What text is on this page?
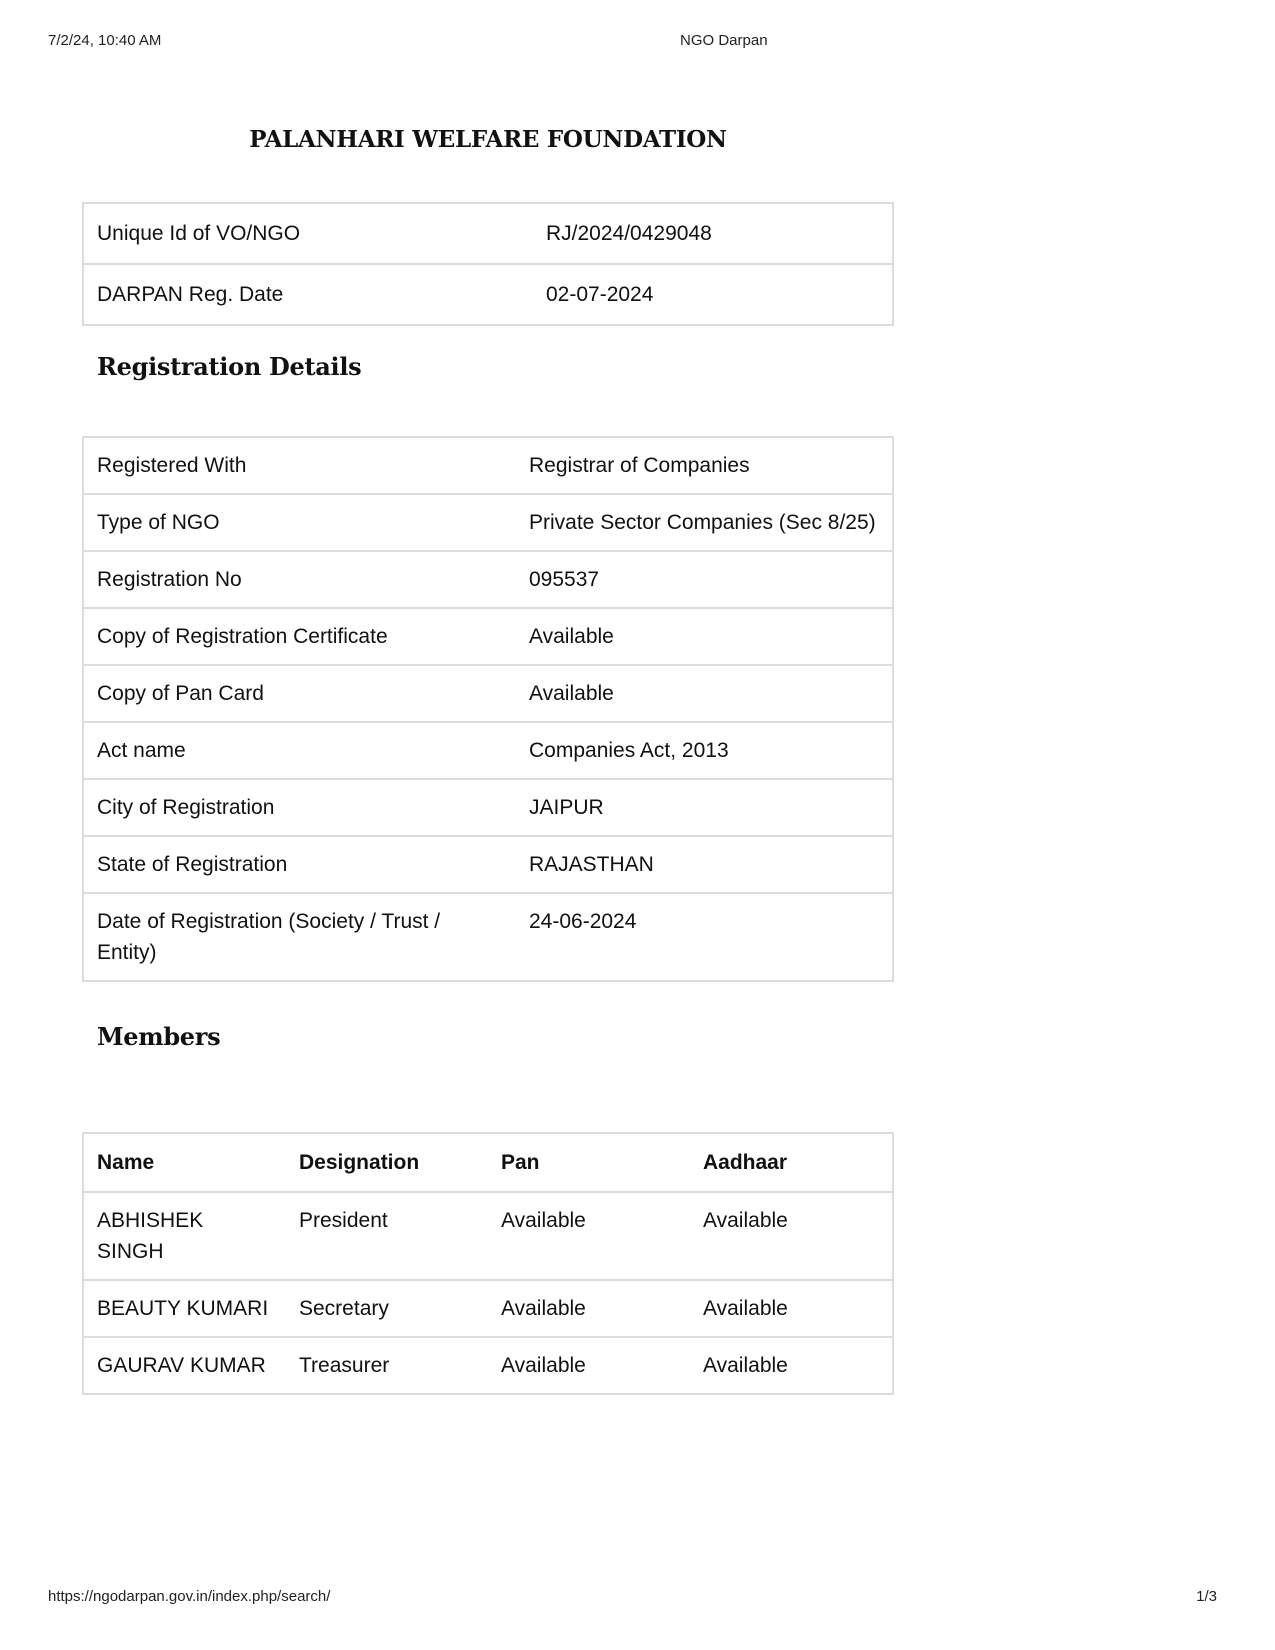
7/2/24, 10:40 AM	NGO Darpan
PALANHARI WELFARE FOUNDATION
Unique Id of VO/NGO	RJ/2024/0429048
DARPAN Reg. Date	02-07-2024
Registration Details
Registered With	Registrar of Companies
Type of NGO	Private Sector Companies (Sec 8/25)
Registration No	095537
Copy of Registration Certificate	Available
Copy of Pan Card	Available
Act name	Companies Act, 2013
City of Registration	JAIPUR
State of Registration	RAJASTHAN
Date of Registration (Society / Trust / Entity)	24-06-2024
Members
Name	Designation	Pan	Aadhaar
ABHISHEK SINGH	President	Available	Available
BEAUTY KUMARI	Secretary	Available	Available
GAURAV KUMAR	Treasurer	Available	Available
https://ngodarpan.gov.in/index.php/search/	1/3
